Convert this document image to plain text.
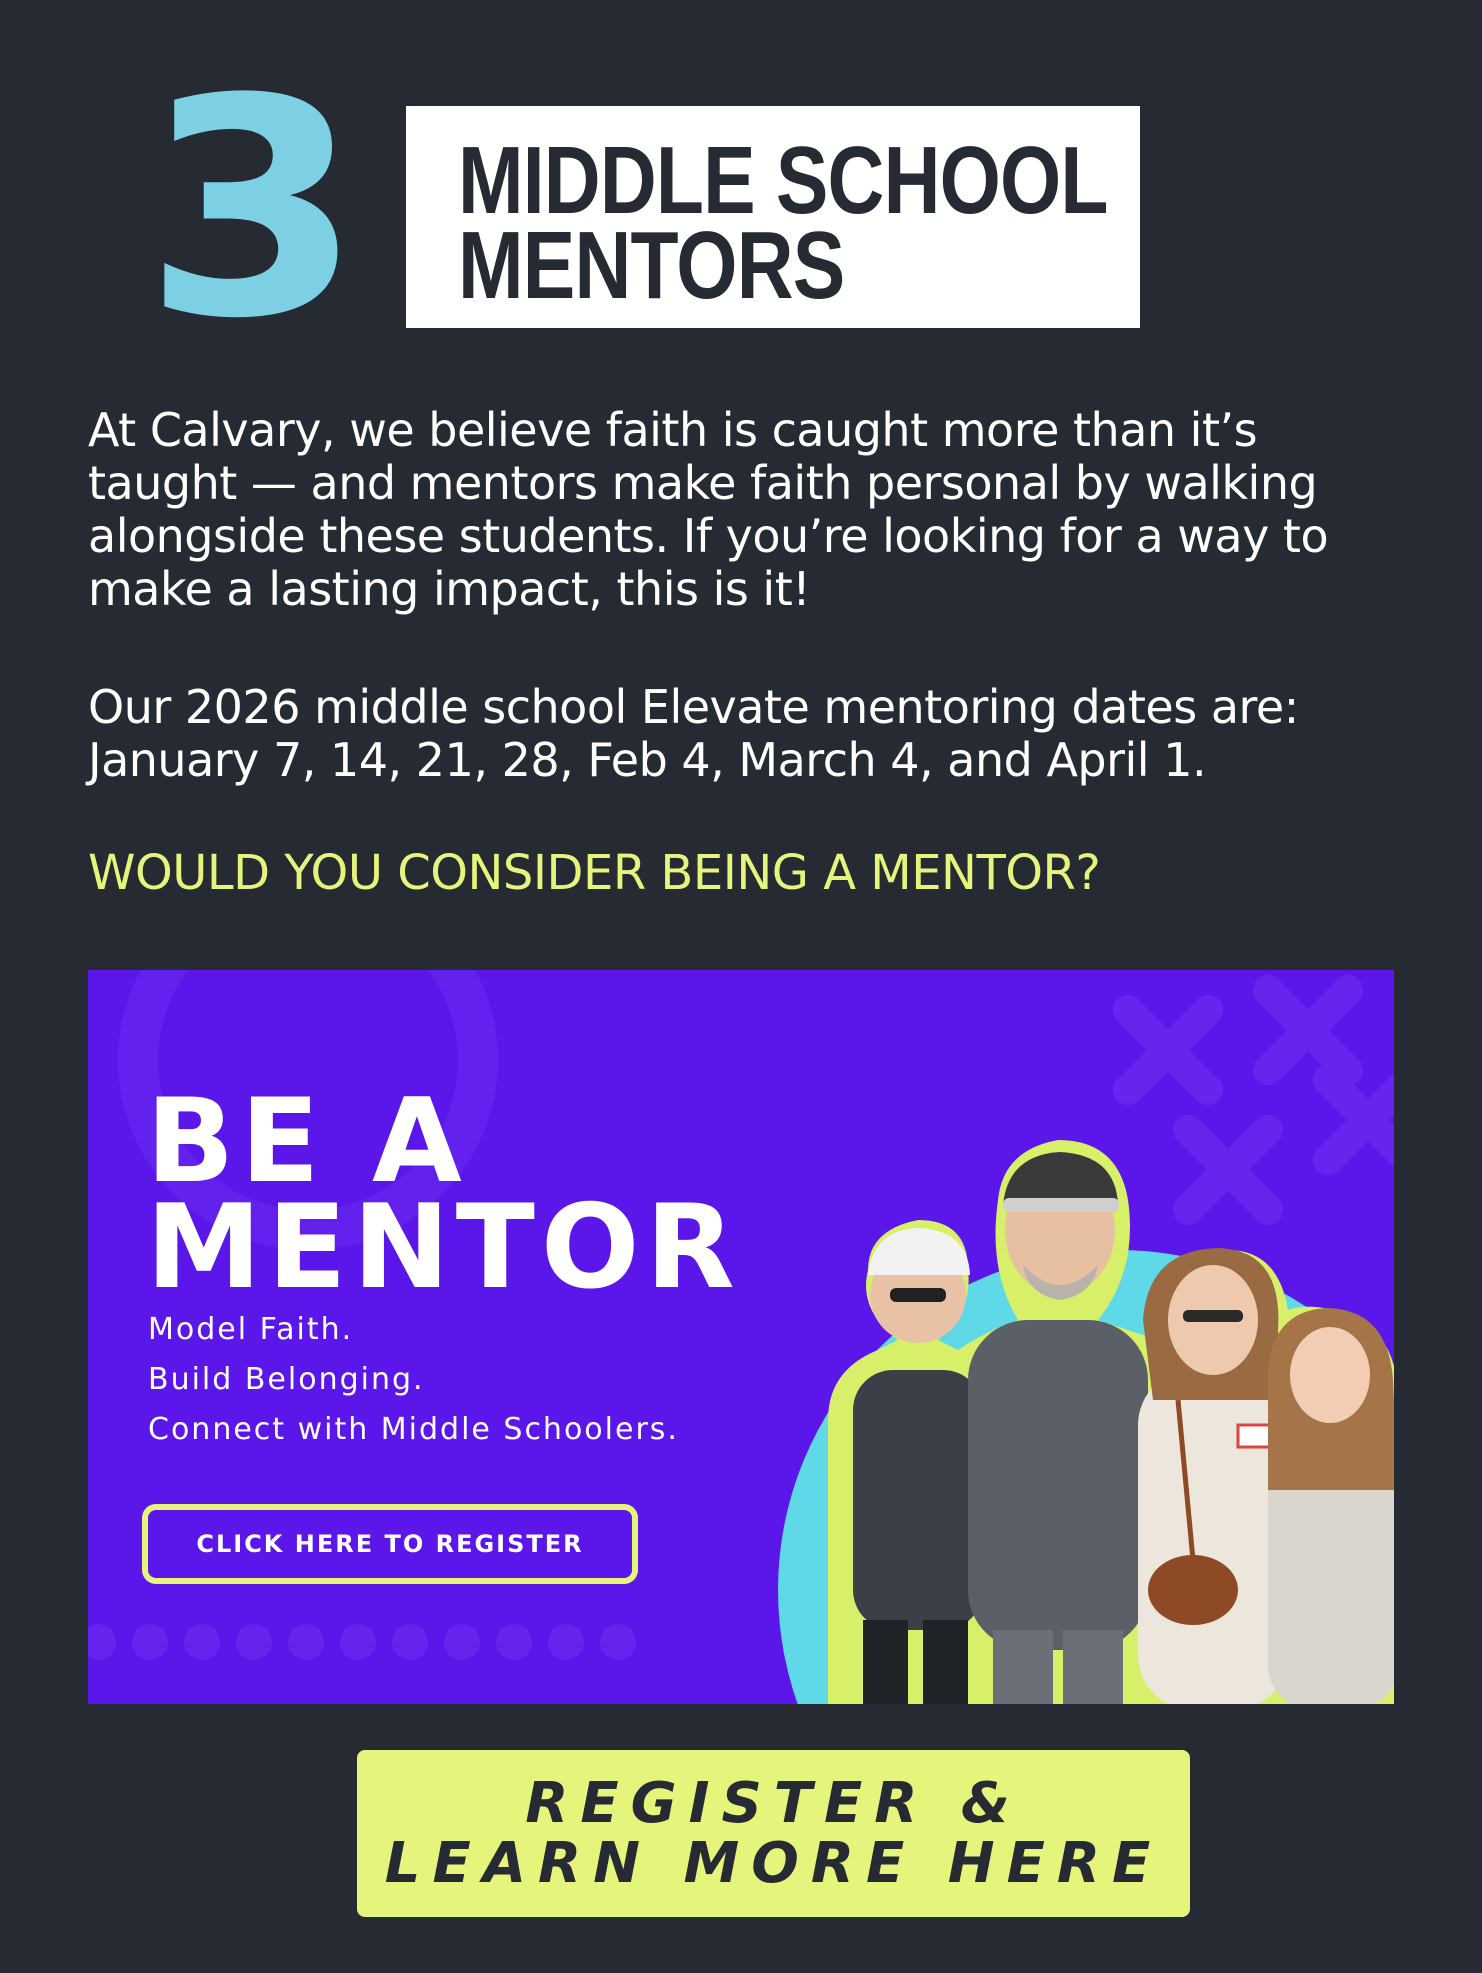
3 MIDDLE SCHOOL
MENTORS
At Calvary, we believe faith is caught more than it’s
taught — and mentors make faith personal by walking
alongside these students. If you’re looking for a way to
make a lasting impact, this is it!
Our 2026 middle school Elevate mentoring dates are:
January 7, 14, 21, 28, Feb 4, March 4, and April 1.
WOULD YOU CONSIDER BEING A MENTOR?
BE A
MENTOR
Model Faith.
Build Belonging.
Connect with Middle Schoolers.
CLICK HERE TO REGISTER
REGISTER &
LEARN MORE HERE
